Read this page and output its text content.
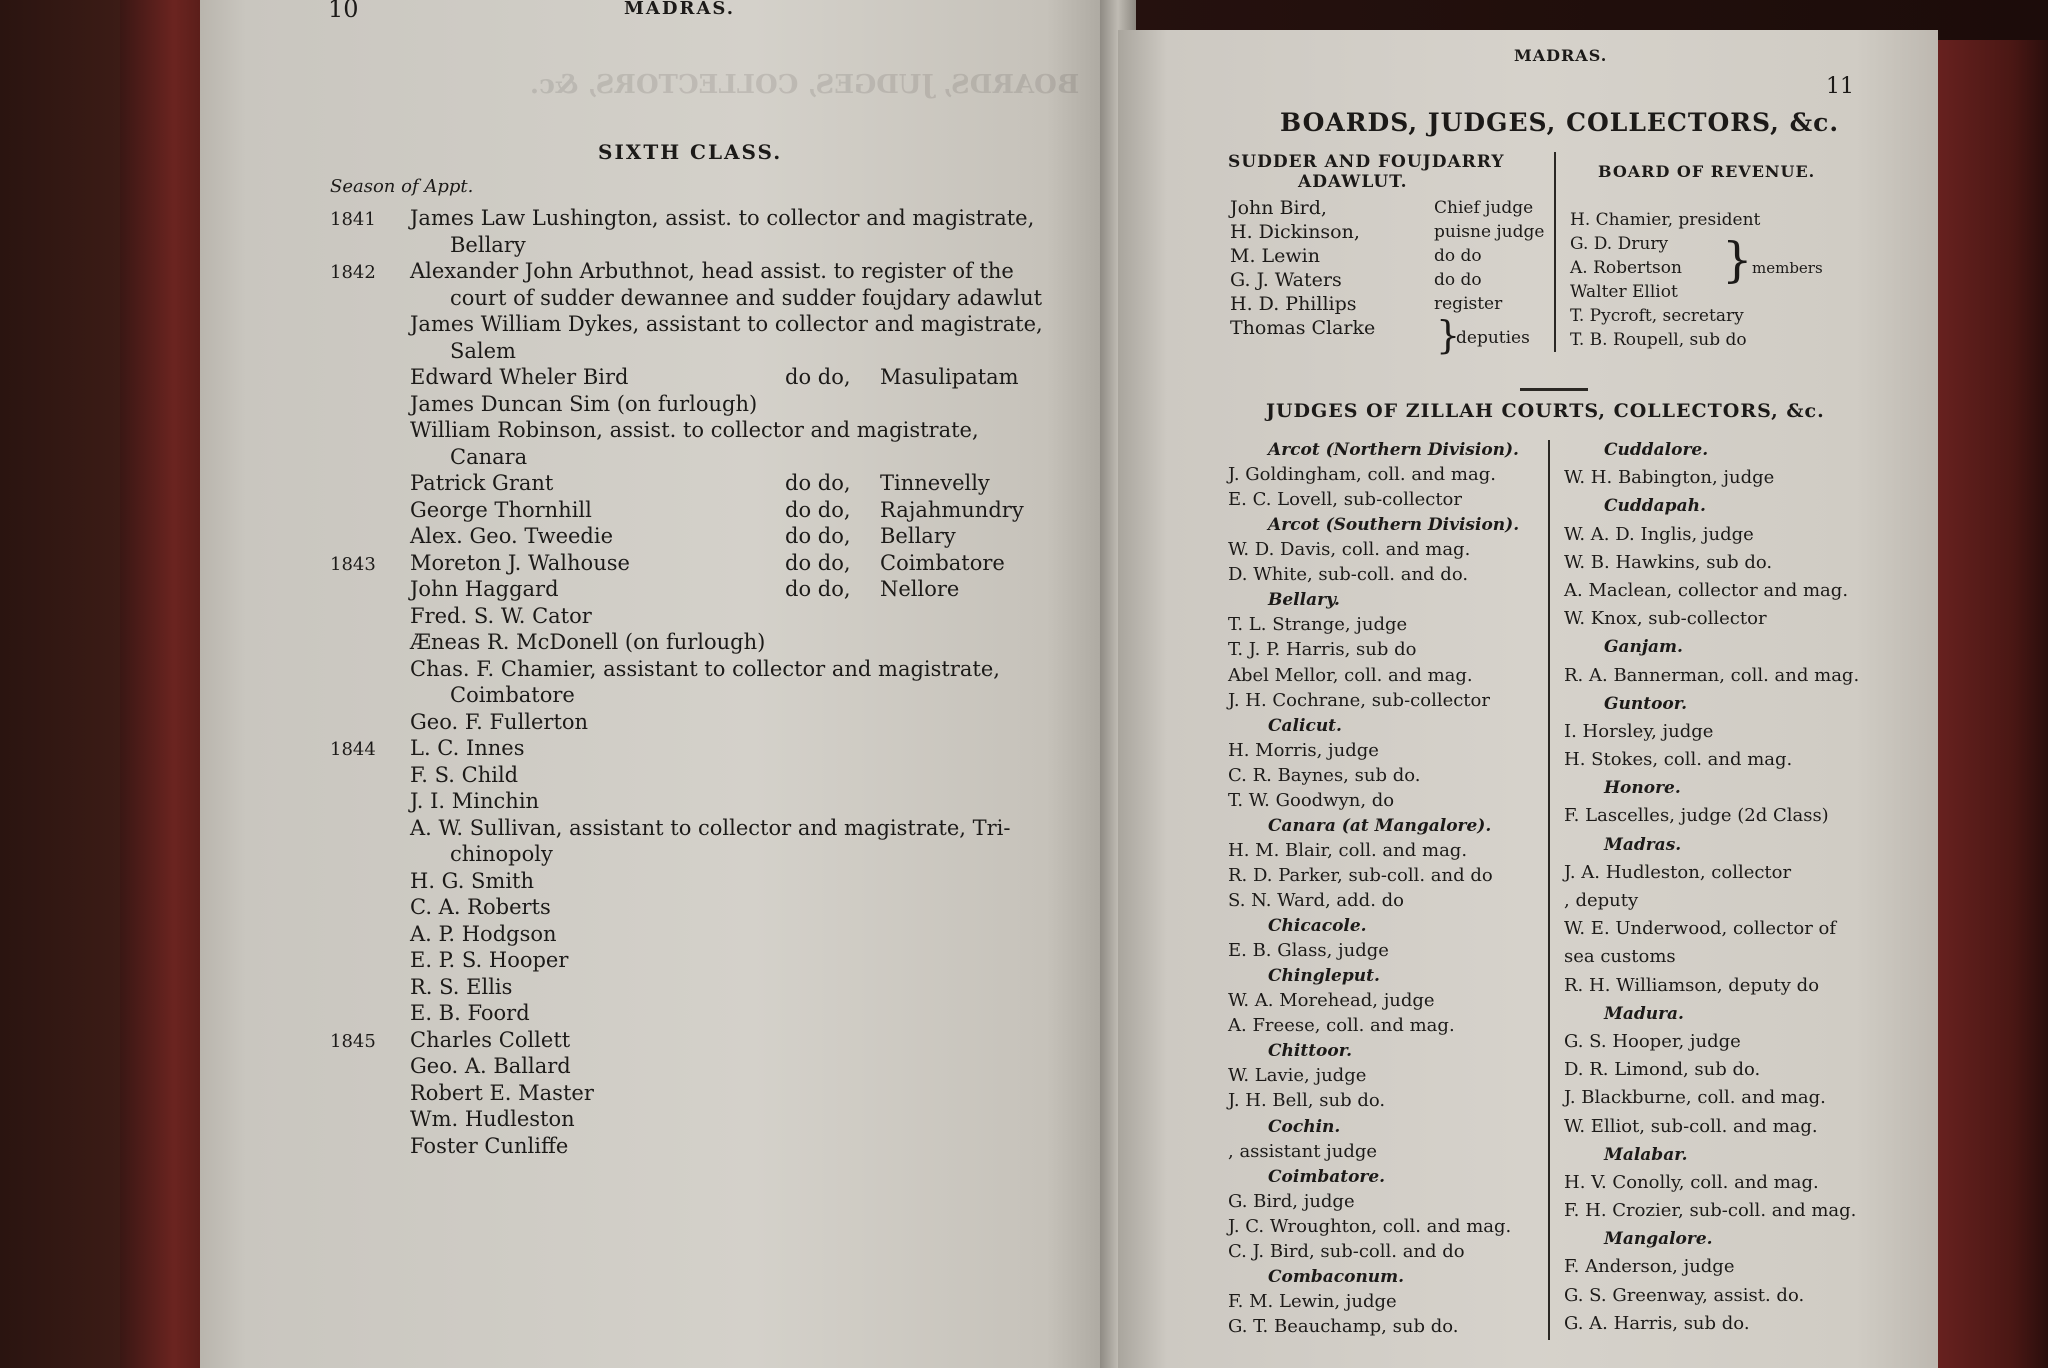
BOARDS, JUDGES, COLLECTORS, &c.
10	MADRAS.
SIXTH CLASS.
Season of Appt.
1841 James Law Lushington, assist. to collector and magistrate,
Bellary
1842 Alexander John Arbuthnot, head assist. to register of the
court of sudder dewannee and sudder foujdary adawlut
James William Dykes, assistant to collector and magistrate,
Salem
Edward Wheler Bird	do do, Masulipatam
James Duncan Sim (on furlough)
William Robinson, assist. to collector and magistrate,
Canara
Patrick Grant	do do, Tinnevelly
George Thornhill	do do, Rajahmundry
Alex. Geo. Tweedie	do do, Bellary
1843 Moreton J. Walhouse	do do, Coimbatore
John Haggard	do do, Nellore
Fred. S. W. Cator
Æneas R. McDonell (on furlough)
Chas. F. Chamier, assistant to collector and magistrate,
Coimbatore
Geo. F. Fullerton
1844 L. C. Innes
F. S. Child
J. I. Minchin
A. W. Sullivan, assistant to collector and magistrate, Tri-
chinopoly
H. G. Smith
C. A. Roberts
A. P. Hodgson
E. P. S. Hooper
R. S. Ellis
E. B. Foord
1845 Charles Collett
Geo. A. Ballard
Robert E. Master
Wm. Hudleston
Foster Cunliffe
MADRAS.
11
BOARDS, JUDGES, COLLECTORS, &c.
SUDDER AND FOUJDARRY
ADAWLUT.
BOARD OF REVENUE.
John Bird,	Chief judge
H. Dickinson,	puisne judge
M. Lewin	do do
G. J. Waters	do do
H. D. Phillips	register
Thomas Clarke	deputies
}
H. Chamier, president
G. D. Drury
A. Robertson
Walter Elliot
T. Pycroft, secretary
T. B. Roupell, sub do
} members
JUDGES OF ZILLAH COURTS, COLLECTORS, &c.
Arcot (Northern Division).
J. Goldingham, coll. and mag.
E. C. Lovell, sub-collector
Arcot (Southern Division).
W. D. Davis, coll. and mag.
D. White, sub-coll. and do.
Bellary.
T. L. Strange, judge
T. J. P. Harris, sub do
Abel Mellor, coll. and mag.
J. H. Cochrane, sub-collector
Calicut.
H. Morris, judge
C. R. Baynes, sub do.
T. W. Goodwyn, do
Canara (at Mangalore).
H. M. Blair, coll. and mag.
R. D. Parker, sub-coll. and do
S. N. Ward, add. do
Chicacole.
E. B. Glass, judge
Chingleput.
W. A. Morehead, judge
A. Freese, coll. and mag.
Chittoor.
W. Lavie, judge
J. H. Bell, sub do.
Cochin.
, assistant judge
Coimbatore.
G. Bird, judge
J. C. Wroughton, coll. and mag.
C. J. Bird, sub-coll. and do
Combaconum.
F. M. Lewin, judge
G. T. Beauchamp, sub do.
Cuddalore.
W. H. Babington, judge
Cuddapah.
W. A. D. Inglis, judge
W. B. Hawkins, sub do.
A. Maclean, collector and mag.
W. Knox, sub-collector
Ganjam.
R. A. Bannerman, coll. and mag.
Guntoor.
I. Horsley, judge
H. Stokes, coll. and mag.
Honore.
F. Lascelles, judge (2d Class)
Madras.
J. A. Hudleston, collector
, deputy
W. E. Underwood, collector of
sea customs
R. H. Williamson, deputy do
Madura.
G. S. Hooper, judge
D. R. Limond, sub do.
J. Blackburne, coll. and mag.
W. Elliot, sub-coll. and mag.
Malabar.
H. V. Conolly, coll. and mag.
F. H. Crozier, sub-coll. and mag.
Mangalore.
F. Anderson, judge
G. S. Greenway, assist. do.
G. A. Harris, sub do.
